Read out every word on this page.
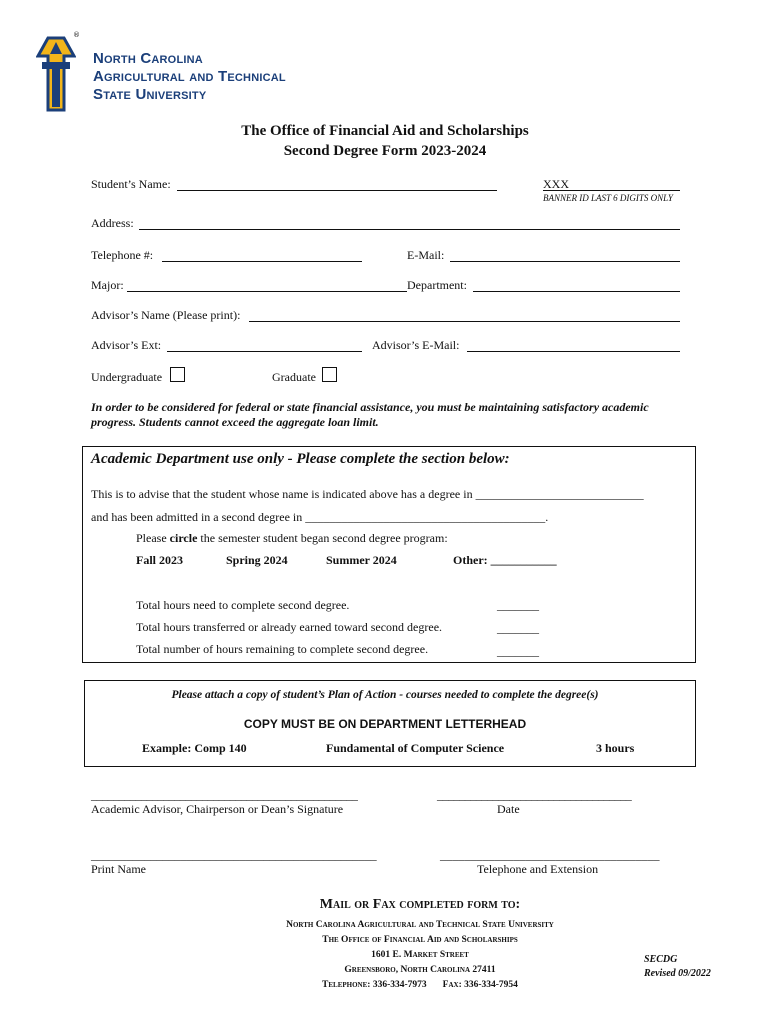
®
North Carolina
Agricultural and Technical
State University
The Office of Financial Aid and Scholarships
Second Degree Form 2023-2024
Student’s Name:	XXX
BANNER ID LAST 6 DIGITS ONLY
Address:
Telephone #:	E-Mail:
Major:	Department:
Advisor’s Name (Please print):
Advisor’s Ext:	Advisor’s E-Mail:
Undergraduate	Graduate
In order to be considered for federal or state financial assistance, you must be maintaining satisfactory academic
progress. Students cannot exceed the aggregate loan limit.
Academic Department use only - Please complete the section below:
This is to advise that the student whose name is indicated above has a degree in ____________________________
and has been admitted in a second degree in ________________________________________.
Please circle the semester student began second degree program:
Fall 2023	Spring 2024	Summer 2024	Other: ___________
Total hours need to complete second degree.	_______
Total hours transferred or already earned toward second degree.	_______
Total number of hours remaining to complete second degree.	_______
Please attach a copy of student’s Plan of Action - courses needed to complete the degree(s)
COPY MUST BE ON DEPARTMENT LETTERHEAD
Example: Comp 140	Fundamental of Computer Science	3 hours
________________________________________________	___________________________________
Academic Advisor, Chairperson or Dean’s Signature	Date
________________________________________________	____________________________________
Print Name	Telephone and Extension
Mail or Fax completed form to:
North Carolina Agricultural and Technical State University
The Office of Financial Aid and Scholarships
1601 E. Market Street
Greensboro, North Carolina 27411
Telephone: 336-334-7973 Fax: 336-334-7954
SECDG
Revised 09/2022
